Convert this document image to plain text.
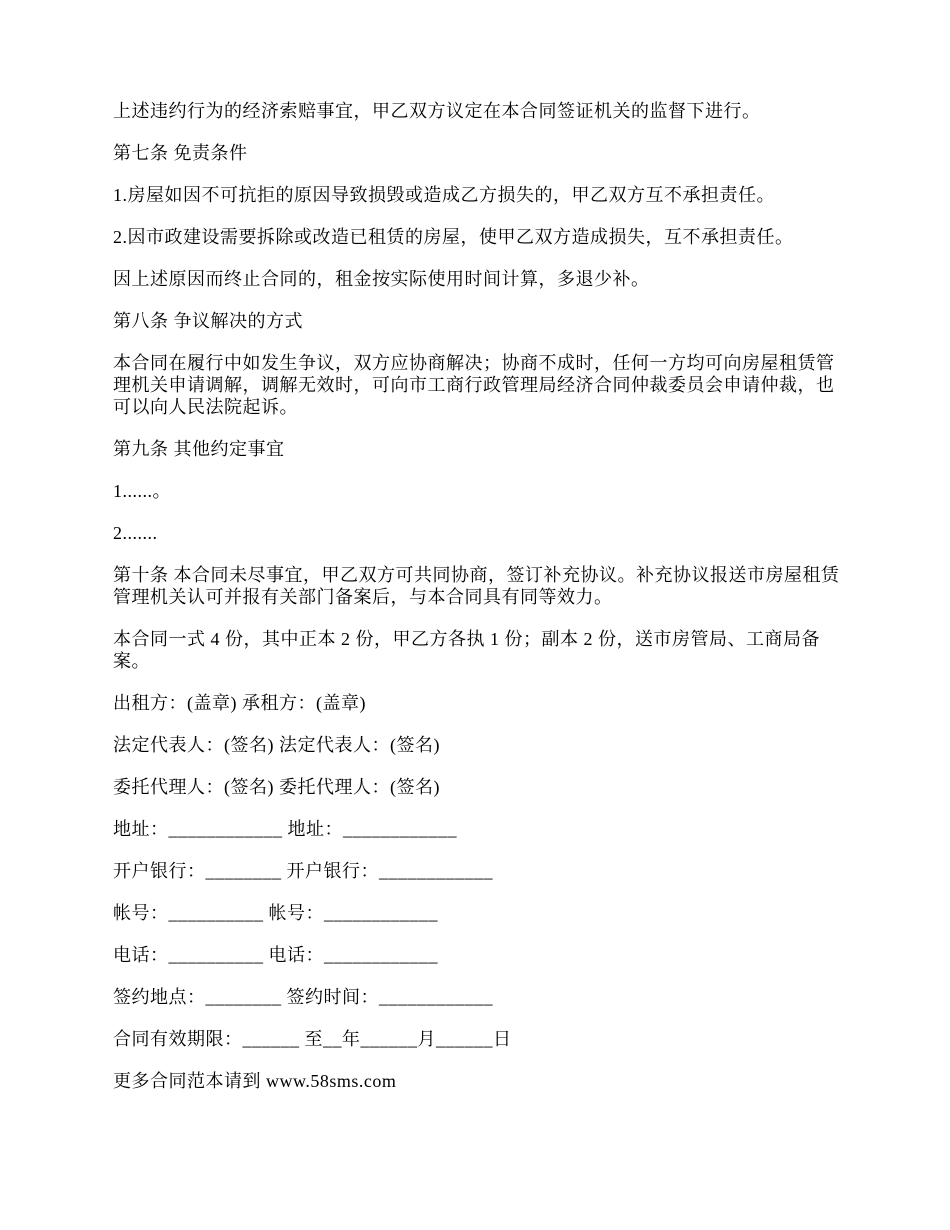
上述违约行为的经济索赔事宜，甲乙双方议定在本合同签证机关的监督下进行。

第七条 免责条件

1.房屋如因不可抗拒的原因导致损毁或造成乙方损失的，甲乙双方互不承担责任。

2.因市政建设需要拆除或改造已租赁的房屋，使甲乙双方造成损失，互不承担责任。

因上述原因而终止合同的，租金按实际使用时间计算，多退少补。

第八条 争议解决的方式

本合同在履行中如发生争议，双方应协商解决；协商不成时，任何一方均可向房屋租赁管理机关申请调解，调解无效时，可向市工商行政管理局经济合同仲裁委员会申请仲裁，也可以向人民法院起诉。

第九条 其他约定事宜

1......。

2.......

第十条 本合同未尽事宜，甲乙双方可共同协商，签订补充协议。补充协议报送市房屋租赁管理机关认可并报有关部门备案后，与本合同具有同等效力。

本合同一式 4 份，其中正本 2 份，甲乙方各执 1 份；副本 2 份，送市房管局、工商局备案。

出租方：(盖章) 承租方：(盖章)

法定代表人：(签名) 法定代表人：(签名)

委托代理人：(签名) 委托代理人：(签名)

地址：____________ 地址：____________

开户银行：________ 开户银行：____________

帐号：__________ 帐号：____________

电话：__________ 电话：____________

签约地点：________ 签约时间：____________

合同有效期限：______ 至__年______月______日

更多合同范本请到 www.58sms.com
